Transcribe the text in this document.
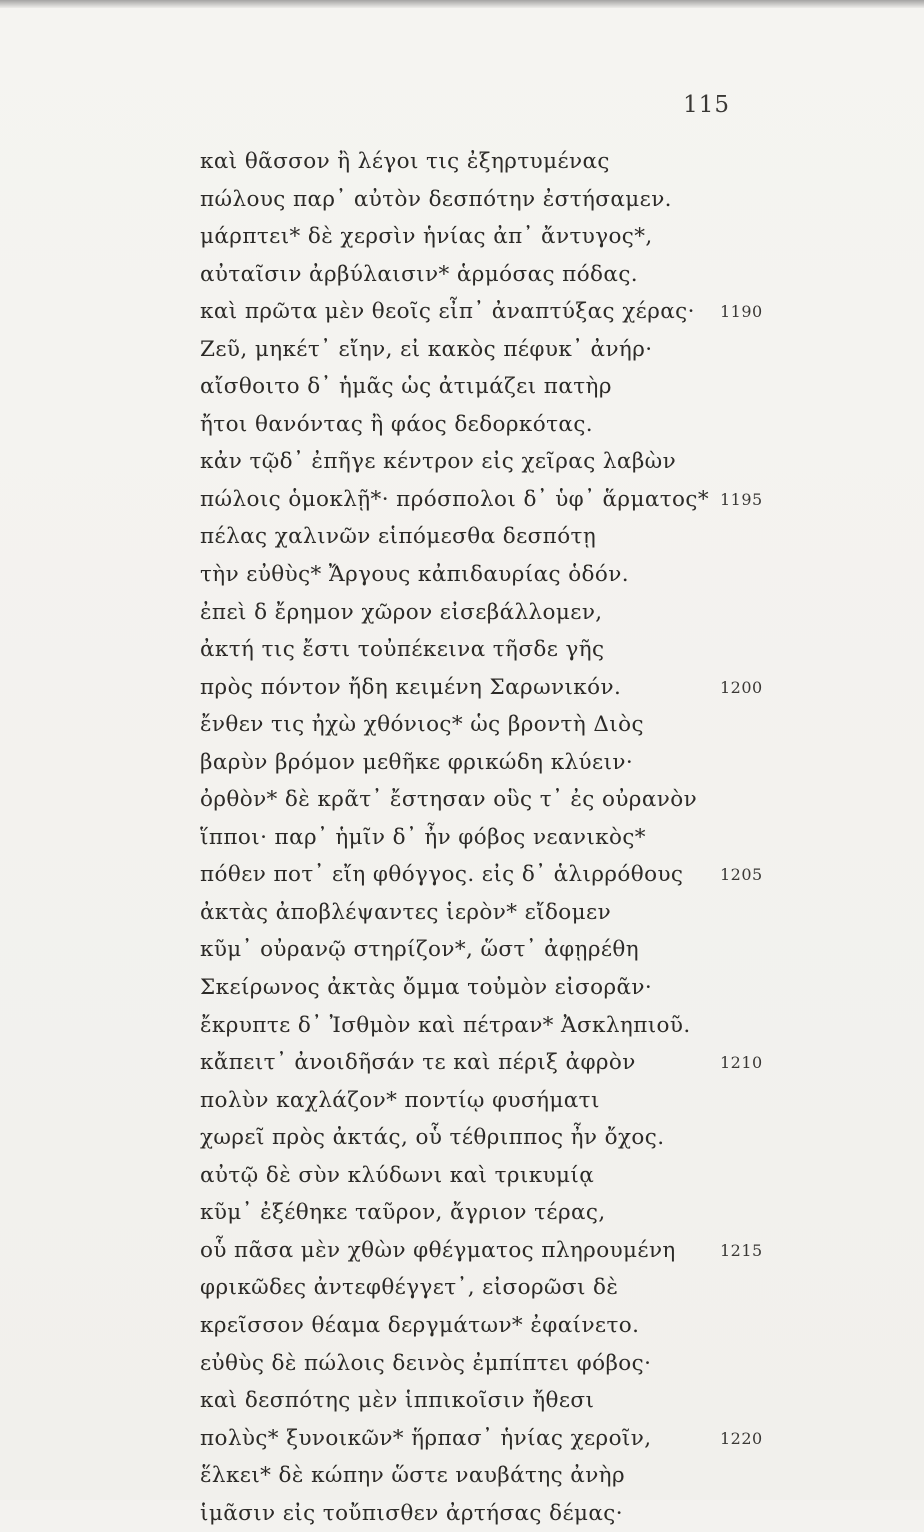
115
καὶ θᾶσσον ἢ λέγοι τις ἐξηρτυμένας
πώλους παρ᾽ αὐτὸν δεσπότην ἐστήσαμεν.
μάρπτει* δὲ χερσὶν ἡνίας ἀπ᾽ ἄντυγος*,
αὐταῖσιν ἀρβύλαισιν* ἁρμόσας πόδας.
καὶ πρῶτα μὲν θεοῖς εἶπ᾽ ἀναπτύξας χέρας· 1190
Ζεῦ, μηκέτ᾽ εἴην, εἰ κακὸς πέφυκ᾽ ἀνήρ·
αἴσθοιτο δ᾽ ἡμᾶς ὡς ἀτιμάζει πατὴρ
ἤτοι θανόντας ἢ φάος δεδορκότας.
κἀν τῷδ᾽ ἐπῆγε κέντρον εἰς χεῖρας λαβὼν
πώλοις ὁμοκλῇ*· πρόσπολοι δ᾽ ὑφ᾽ ἅρματος* 1195
πέλας χαλινῶν εἱπόμεσθα δεσπότῃ
τὴν εὐθὺς* Ἄργους κἀπιδαυρίας ὁδόν.
ἐπεὶ δ ἔρημον χῶρον εἰσεβάλλομεν,
ἀκτή τις ἔστι τοὐπέκεινα τῆσδε γῆς
πρὸς πόντον ἤδη κειμένη Σαρωνικόν.	1200
ἔνθεν τις ἠχὼ χθόνιος* ὡς βροντὴ Διὸς
βαρὺν βρόμον μεθῆκε φρικώδη κλύειν·
ὀρθὸν* δὲ κρᾶτ᾽ ἔστησαν οὓς τ᾽ ἐς οὐρανὸν
ἵπποι· παρ᾽ ἡμῖν δ᾽ ἦν φόβος νεανικὸς*
πόθεν ποτ᾽ εἴη φθόγγος. εἰς δ᾽ ἁλιρρόθους 1205
ἀκτὰς ἀποβλέψαντες ἱερὸν* εἴδομεν
κῦμ᾽ οὐρανῷ στηρίζον*, ὥστ᾽ ἀφῃρέθη
Σκείρωνος ἀκτὰς ὄμμα τοὐμὸν εἰσορᾶν·
ἔκρυπτε δ᾽ Ἰσθμὸν καὶ πέτραν* Ἀσκληπιοῦ.
κἄπειτ᾽ ἀνοιδῆσάν τε καὶ πέριξ ἀφρὸν	1210
πολὺν καχλάζον* ποντίῳ φυσήματι
χωρεῖ πρὸς ἀκτάς, οὗ τέθριππος ἦν ὄχος.
αὐτῷ δὲ σὺν κλύδωνι καὶ τρικυμίᾳ
κῦμ᾽ ἐξέθηκε ταῦρον, ἄγριον τέρας,
οὗ πᾶσα μὲν χθὼν φθέγματος πληρουμένη	1215
φρικῶδες ἀντεφθέγγετ᾽, εἰσορῶσι δὲ
κρεῖσσον θέαμα δεργμάτων* ἐφαίνετο.
εὐθὺς δὲ πώλοις δεινὸς ἐμπίπτει φόβος·
καὶ δεσπότης μὲν ἱππικοῖσιν ἤθεσι
πολὺς* ξυνοικῶν* ἥρπασ᾽ ἡνίας χεροῖν,	1220
ἕλκει* δὲ κώπην ὥστε ναυβάτης ἀνὴρ
ἱμᾶσιν εἰς τοὔπισθεν ἀρτήσας δέμας·
